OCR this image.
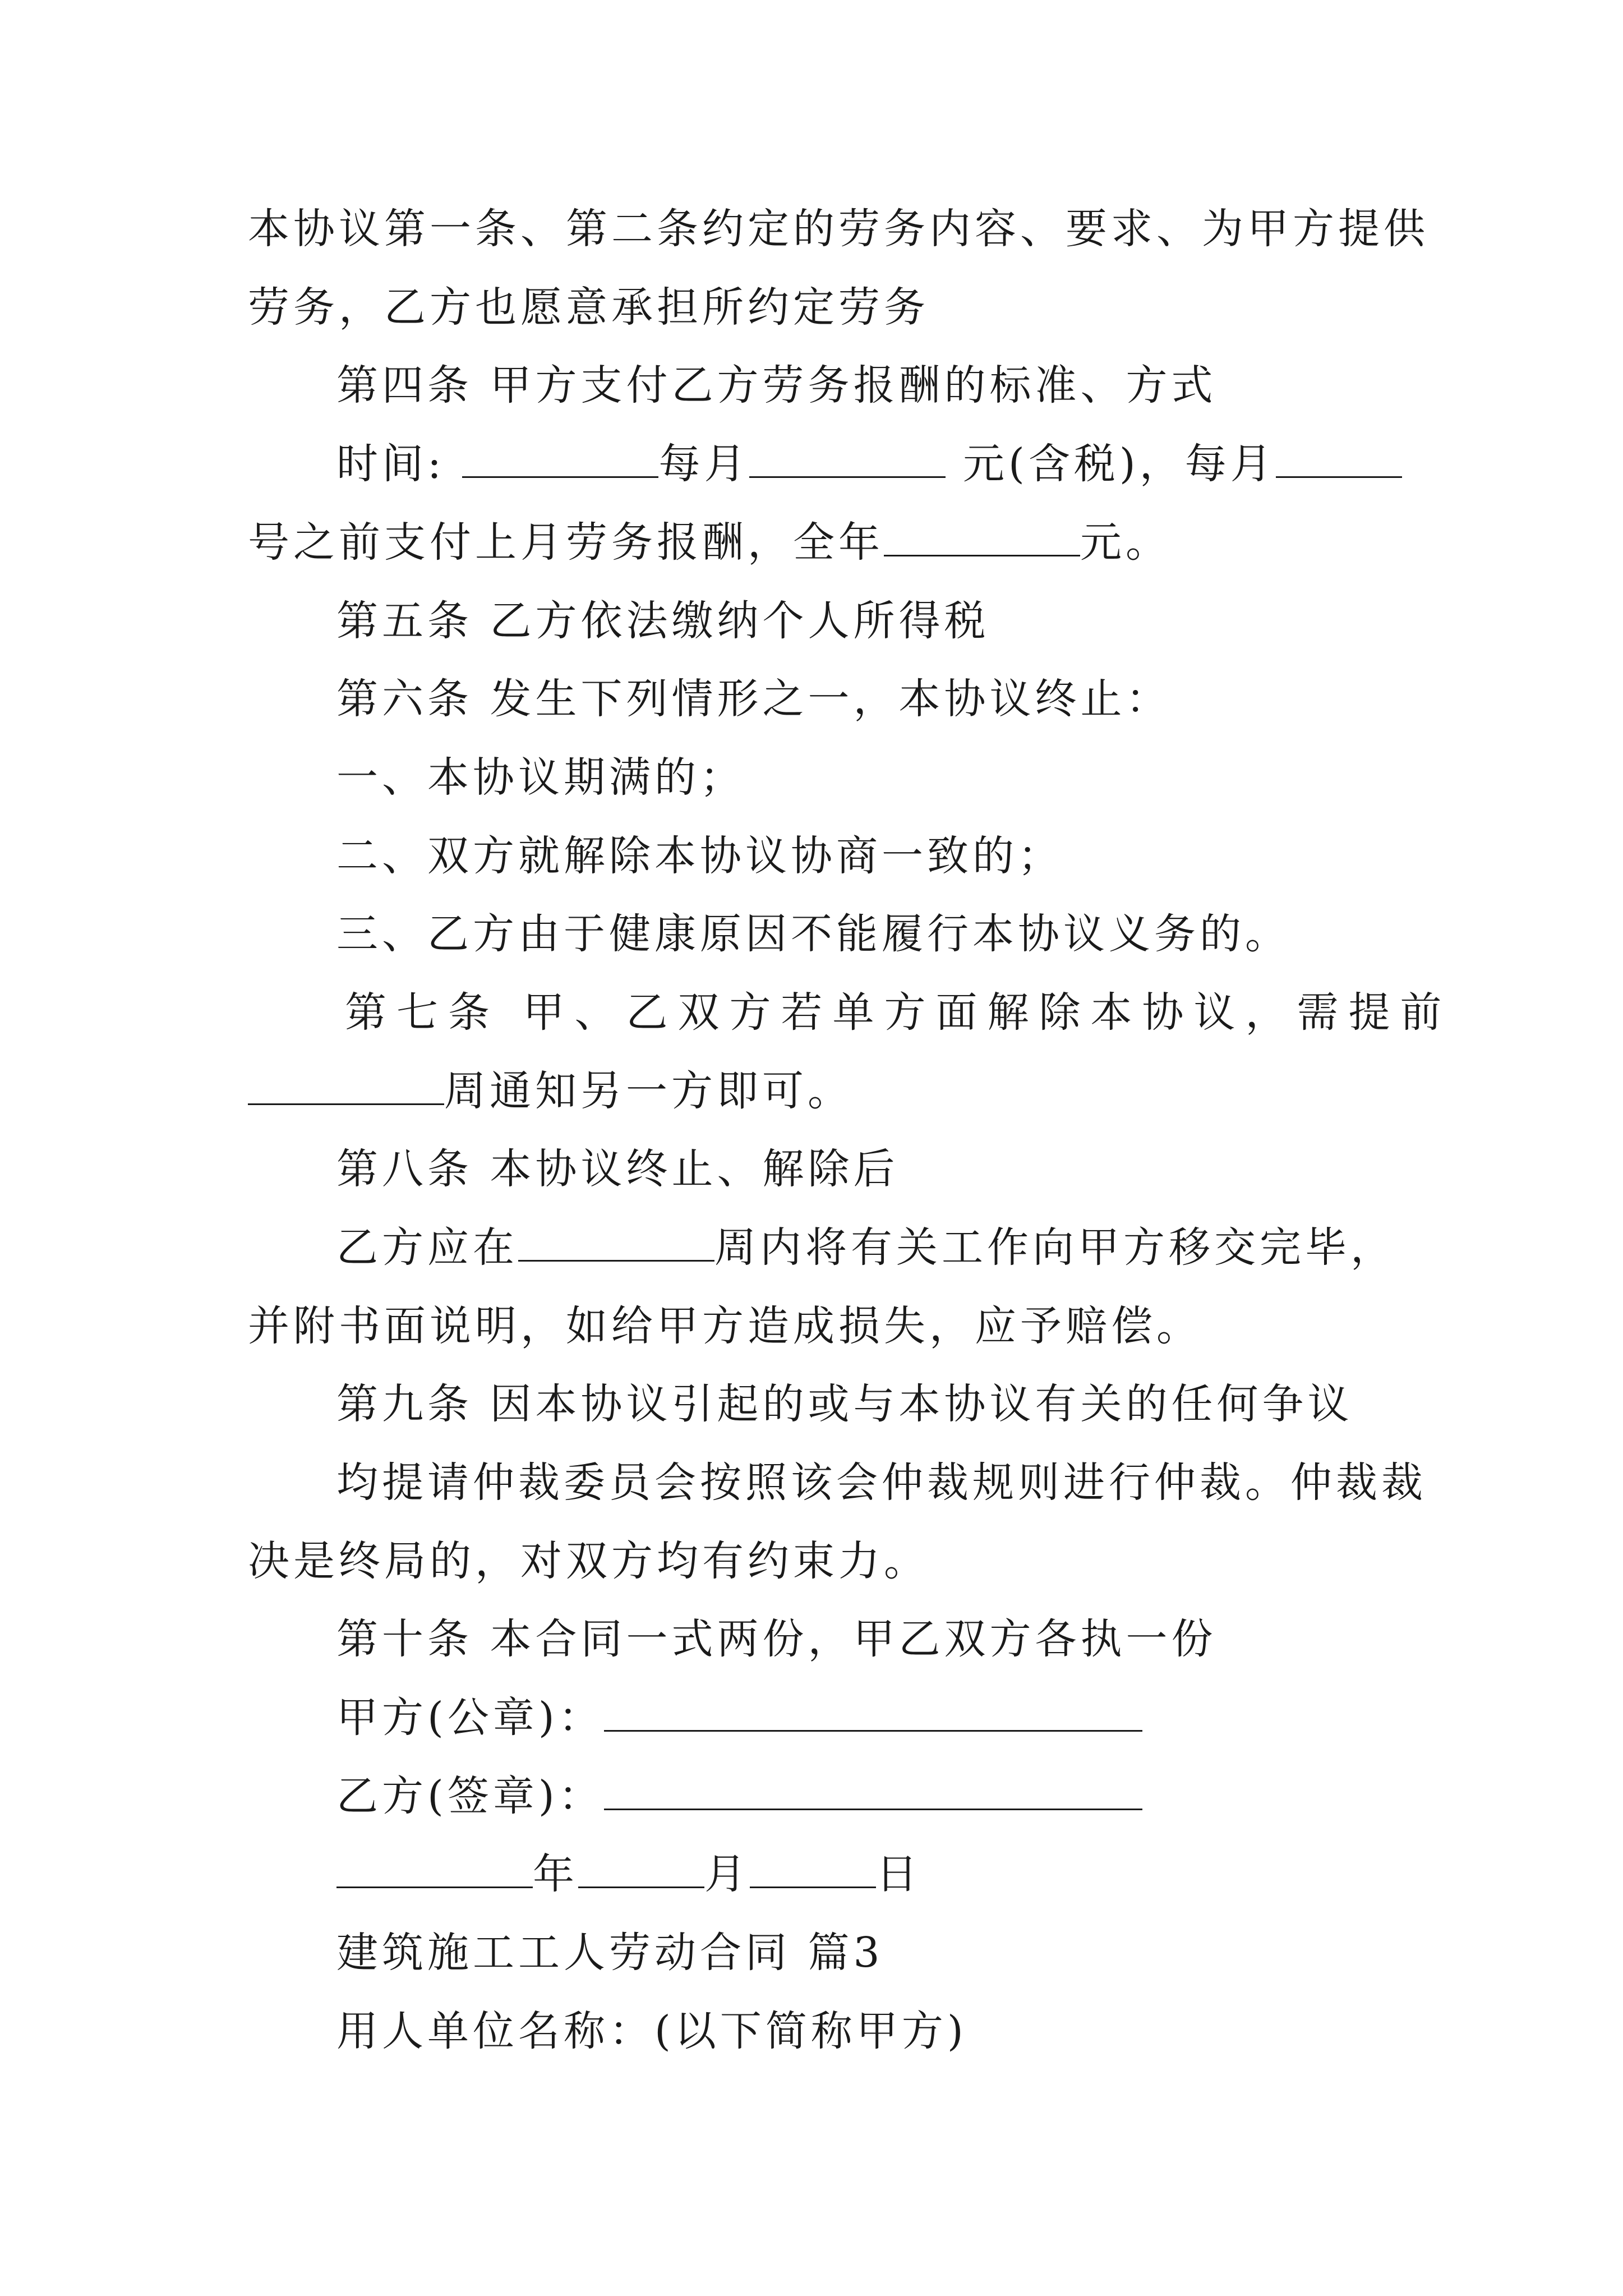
本协议第一条、第二条约定的劳务内容、要求、为甲方提供
劳务，乙方也愿意承担所约定劳务
第四条 甲方支付乙方劳务报酬的标准、方式
时间:	每月	元(含税)，每月
号之前支付上月劳务报酬，全年	元。
第五条 乙方依法缴纳个人所得税
第六条 发生下列情形之一，本协议终止：
一、本协议期满的；
二、双方就解除本协议协商一致的；
三、乙方由于健康原因不能履行本协议义务的。
第七条 甲、乙双方若单方面解除本协议，需提前
周通知另一方即可。
第八条 本协议终止、解除后
乙方应在	周内将有关工作向甲方移交完毕，
并附书面说明，如给甲方造成损失，应予赔偿。
第九条 因本协议引起的或与本协议有关的任何争议
均提请仲裁委员会按照该会仲裁规则进行仲裁。仲裁裁
决是终局的，对双方均有约束力。
第十条 本合同一式两份，甲乙双方各执一份
甲方(公章)：
乙方(签章)：
年	月	日
建筑施工工人劳动合同 篇3
用人单位名称：(以下简称甲方)
